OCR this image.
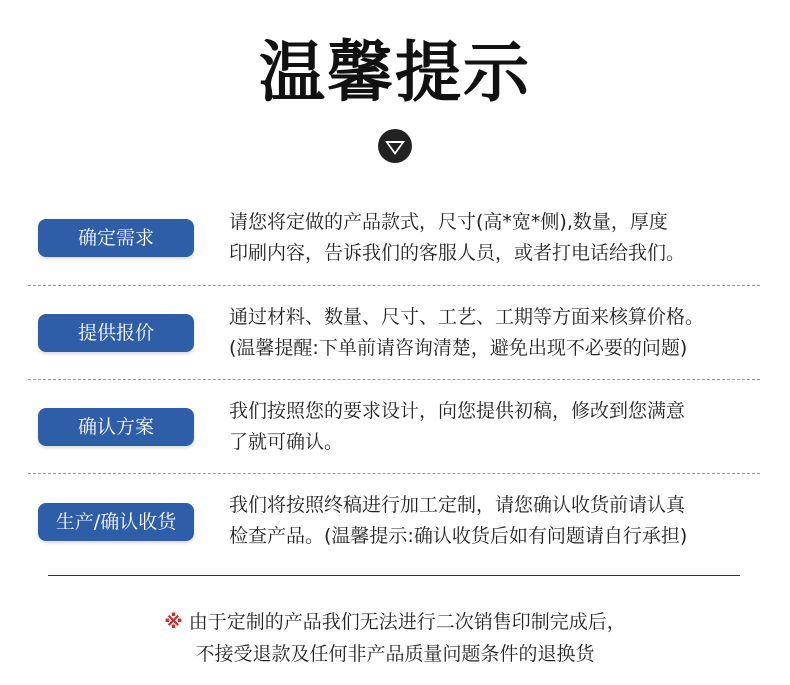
温馨提示
确定需求

请您将定做的产品款式，尺寸(高*宽*侧),数量，厚度

印刷内容，告诉我们的客服人员，或者打电话给我们。

提供报价

通过材料、数量、尺寸、工艺、工期等方面来核算价格。

(温馨提醒:下单前请咨询清楚，避免出现不必要的问题)

确认方案

我们按照您的要求设计，向您提供初稿，修改到您满意

了就可确认。

生产/确认收货

我们将按照终稿进行加工定制，请您确认收货前请认真

检查产品。(温馨提示:确认收货后如有问题请自行承担)

※ 由于定制的产品我们无法进行二次销售印制完成后，

不接受退款及任何非产品质量问题条件的退换货
